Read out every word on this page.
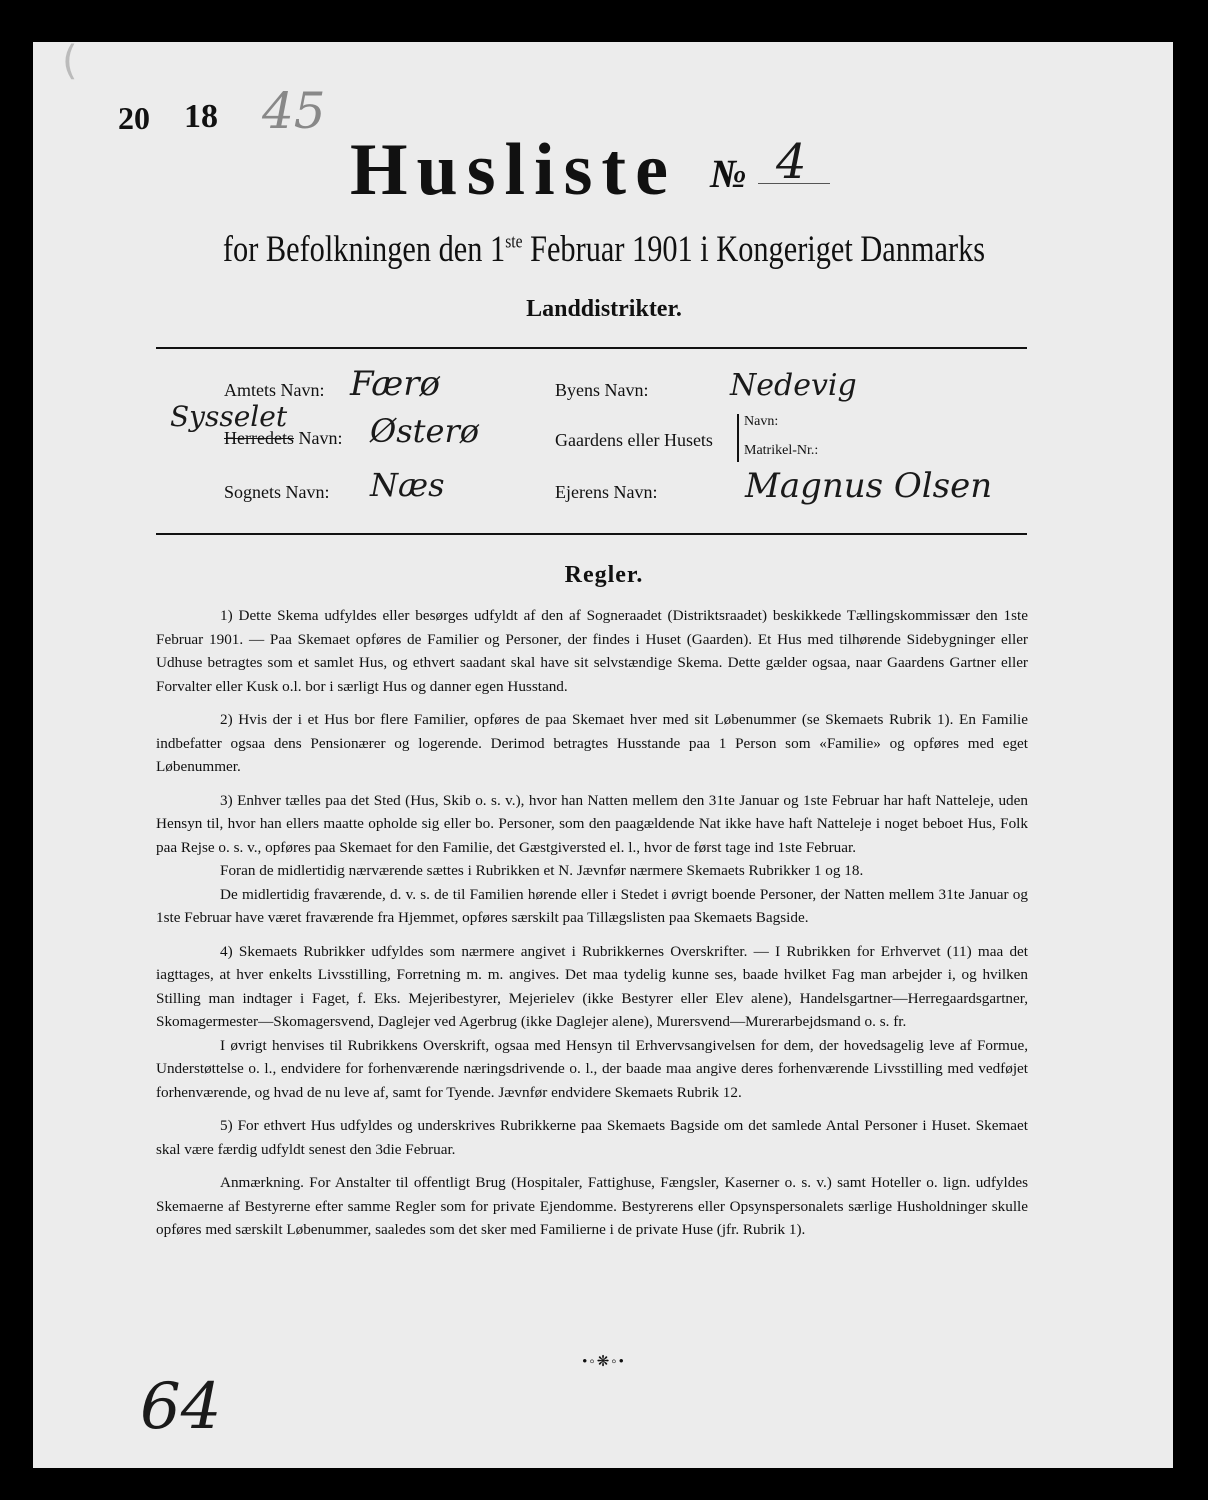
(
20 18 45
Husliste № 4
for Befolkningen den 1ste Februar 1901 i Kongeriget Danmarks
Landdistrikter.
Amtets Navn: Færø
Sysselet
Herredets Navn: Østerø
Sognets Navn: Næs
Byens Navn:	Nedevig
Gaardens eller Husets
Navn:
Matrikel-Nr.:
Ejerens Navn:	Magnus Olsen
Regler.

1) Dette Skema udfyldes eller besørges udfyldt af den af Sogneraadet (Distriktsraadet) beskikkede Tællingskommissær den 1ste Februar 1901. — Paa Skemaet opføres de Familier og Personer, der findes i Huset (Gaarden). Et Hus med tilhørende Sidebygninger eller Udhuse betragtes som et samlet Hus, og ethvert saadant skal have sit selvstændige Skema. Dette gælder ogsaa, naar Gaardens Gartner eller Forvalter eller Kusk o.l. bor i særligt Hus og danner egen Husstand.

2) Hvis der i et Hus bor flere Familier, opføres de paa Skemaet hver med sit Løbenummer (se Skemaets Rubrik 1). En Familie indbefatter ogsaa dens Pensionærer og logerende. Derimod betragtes Husstande paa 1 Person som «Familie» og opføres med eget Løbenummer.

3) Enhver tælles paa det Sted (Hus, Skib o. s. v.), hvor han Natten mellem den 31te Januar og 1ste Februar har haft Natteleje, uden Hensyn til, hvor han ellers maatte opholde sig eller bo. Personer, som den paagældende Nat ikke have haft Natteleje i noget beboet Hus, Folk paa Rejse o. s. v., opføres paa Skemaet for den Familie, det Gæstgiversted el. l., hvor de først tage ind 1ste Februar.

Foran de midlertidig nærværende sættes i Rubrikken et N. Jævnfør nærmere Skemaets Rubrikker 1 og 18.

De midlertidig fraværende, d. v. s. de til Familien hørende eller i Stedet i øvrigt boende Personer, der Natten mellem 31te Januar og 1ste Februar have været fraværende fra Hjemmet, opføres særskilt paa Tillægslisten paa Skemaets Bagside.

4) Skemaets Rubrikker udfyldes som nærmere angivet i Rubrikkernes Overskrifter. — I Rubrikken for Erhvervet (11) maa det iagttages, at hver enkelts Livsstilling, Forretning m. m. angives. Det maa tydelig kunne ses, baade hvilket Fag man arbejder i, og hvilken Stilling man indtager i Faget, f. Eks. Mejeribestyrer, Mejerielev (ikke Bestyrer eller Elev alene), Handelsgartner—Herregaardsgartner, Skomagermester—Skomagersvend, Daglejer ved Agerbrug (ikke Daglejer alene), Murersvend—Murerarbejdsmand o. s. fr.

I øvrigt henvises til Rubrikkens Overskrift, ogsaa med Hensyn til Erhvervsangivelsen for dem, der hovedsagelig leve af Formue, Understøttelse o. l., endvidere for forhenværende næringsdrivende o. l., der baade maa angive deres forhenværende Livsstilling med vedføjet forhenværende, og hvad de nu leve af, samt for Tyende. Jævnfør endvidere Skemaets Rubrik 12.

5) For ethvert Hus udfyldes og underskrives Rubrikkerne paa Skemaets Bagside om det samlede Antal Personer i Huset. Skemaet skal være færdig udfyldt senest den 3die Februar.

Anmærkning. For Anstalter til offentligt Brug (Hospitaler, Fattighuse, Fængsler, Kaserner o. s. v.) samt Hoteller o. lign. udfyldes Skemaerne af Bestyrerne efter samme Regler som for private Ejendomme. Bestyrerens eller Opsynspersonalets særlige Husholdninger skulle opføres med særskilt Løbenummer, saaledes som det sker med Familierne i de private Huse (jfr. Rubrik 1).

•◦❋◦•
64
